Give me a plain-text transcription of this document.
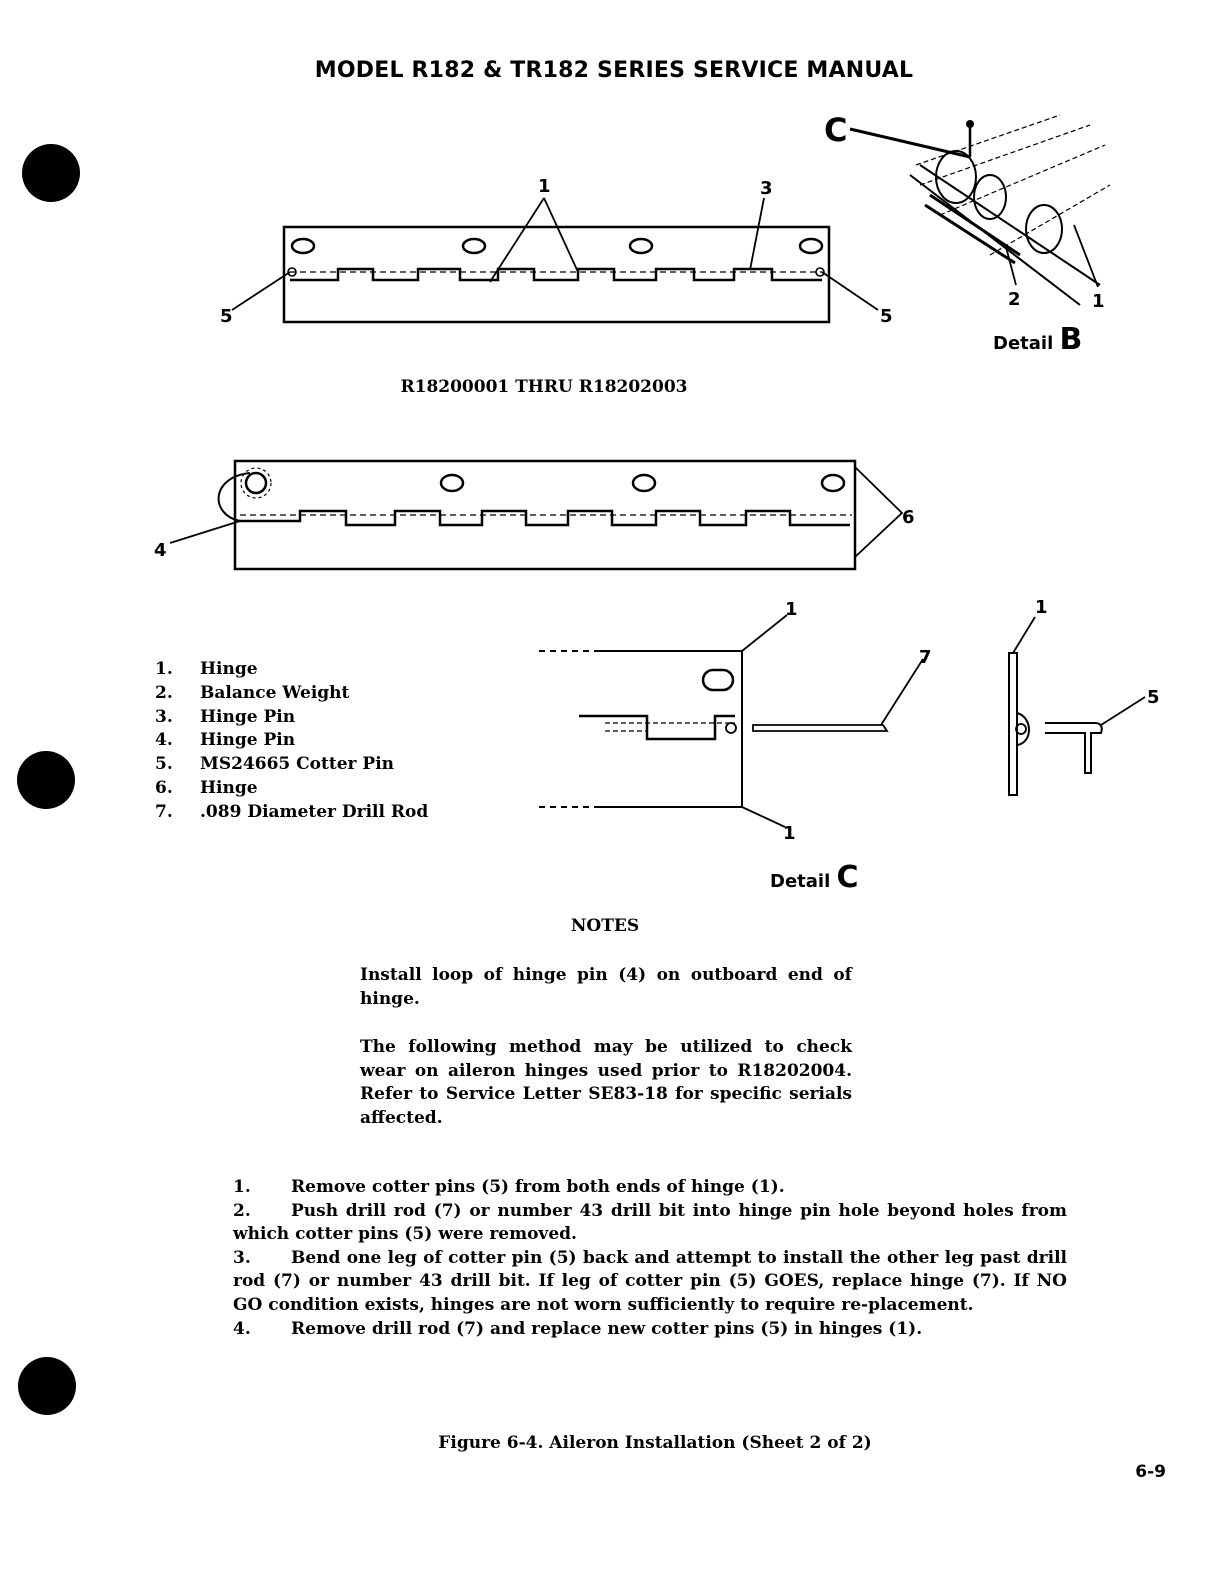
MODEL R182 & TR182 SERIES SERVICE MANUAL
1	3
5	5
R18200001 THRU R18202003
C
2	1
Detail B
4
6
1.	Hinge
2.	Balance Weight
3.	Hinge Pin
4.	Hinge Pin
5.	MS24665 Cotter Pin
6.	Hinge
7.	.089 Diameter Drill Rod
1
7
1
1
5
Detail C
NOTES
Install loop of hinge pin (4) on outboard end of hinge.
The following method may be utilized to check wear on aileron hinges used prior to R18202004. Refer to Service Letter SE83-18 for specific serials affected.

1. Remove cotter pins (5) from both ends of hinge (1).

2. Push drill rod (7) or number 43 drill bit into hinge pin hole beyond holes from which cotter pins (5) were removed.

3. Bend one leg of cotter pin (5) back and attempt to install the other leg past drill rod (7) or number 43 drill bit. If leg of cotter pin (5) GOES, replace hinge (7). If NO GO condition exists, hinges are not worn sufficiently to require re-placement.

4. Remove drill rod (7) and replace new cotter pins (5) in hinges (1).

Figure 6-4. Aileron Installation (Sheet 2 of 2)
6-9
